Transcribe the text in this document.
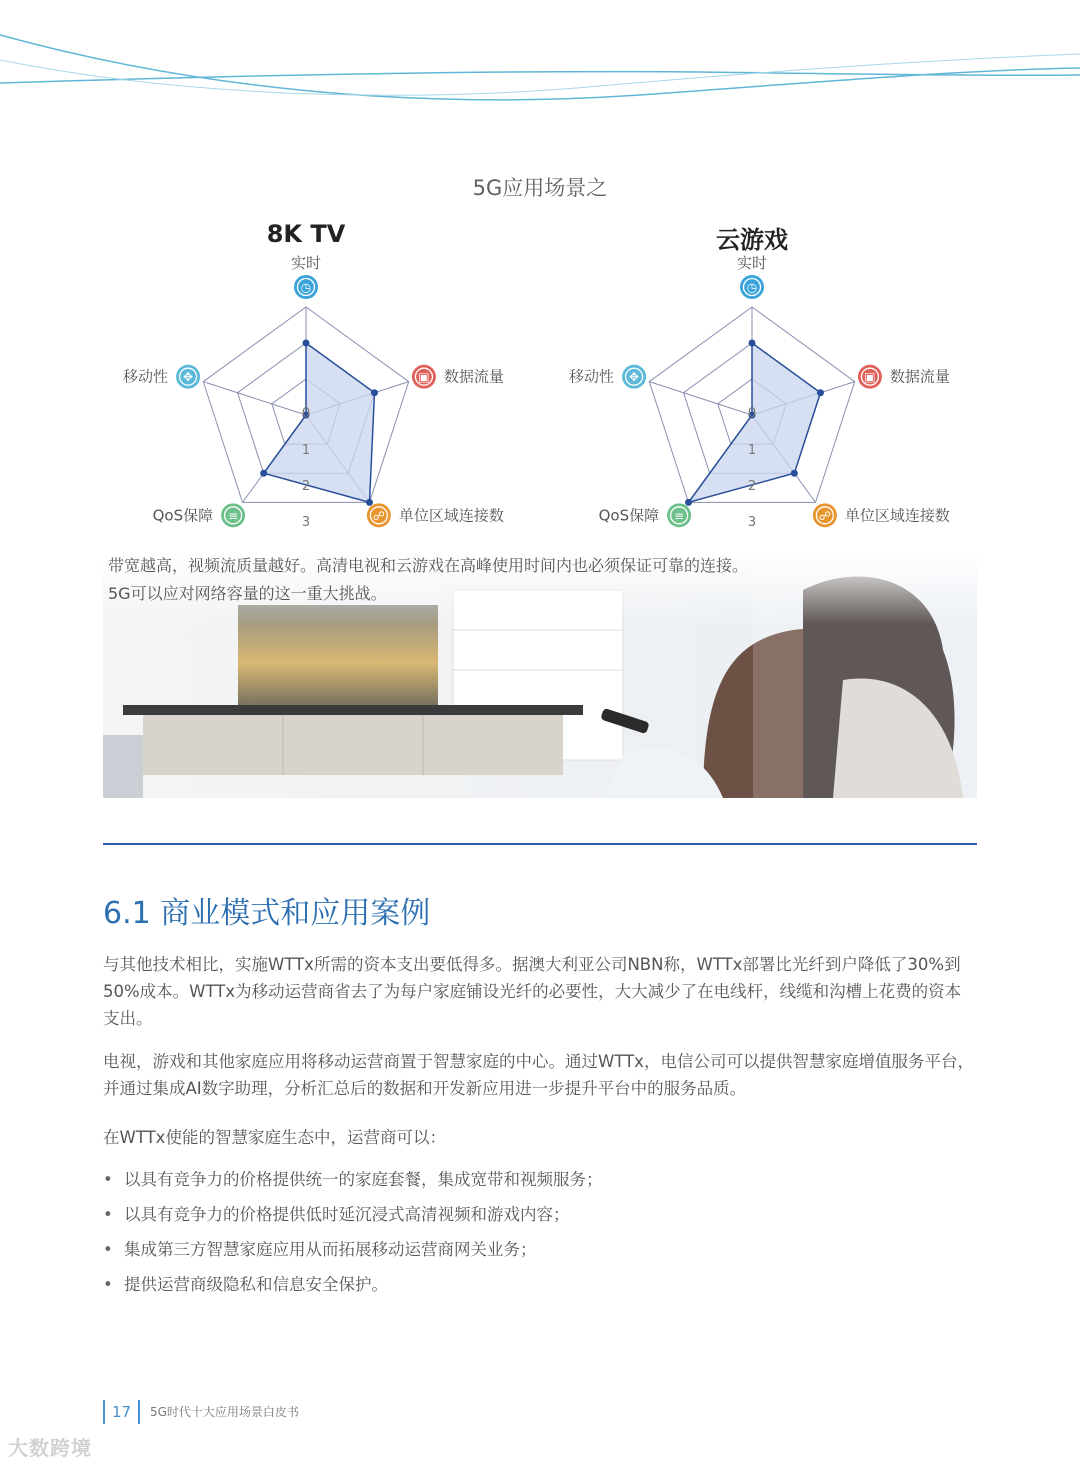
5G应用场景之
8K TV	云游戏
0
1
2
3
◷
实时
▣ 数据流量
☍ 单位区域连接数
≡
QoS保障
✥
移动性
0
1
2
3
◷
实时
▣ 数据流量
☍ 单位区域连接数
≡
QoS保障
✥
移动性
带宽越高，视频流质量越好。高清电视和云游戏在高峰使用时间内也必须保证可靠的连接。
5G可以应对网络容量的这一重大挑战。
6.1 商业模式和应用案例
与其他技术相比，实施WTTx所需的资本支出要低得多。据澳大利亚公司NBN称，WTTx部署比光纤到户降低了30%到50%成本。WTTx为移动运营商省去了为每户家庭铺设光纤的必要性，大大减少了在电线杆，线缆和沟槽上花费的资本支出。
电视，游戏和其他家庭应用将移动运营商置于智慧家庭的中心。通过WTTx，电信公司可以提供智慧家庭增值服务平台，并通过集成AI数字助理，分析汇总后的数据和开发新应用进一步提升平台中的服务品质。
在WTTx使能的智慧家庭生态中，运营商可以：
• 以具有竞争力的价格提供统一的家庭套餐，集成宽带和视频服务；
• 以具有竞争力的价格提供低时延沉浸式高清视频和游戏内容；
• 集成第三方智慧家庭应用从而拓展移动运营商网关业务；
• 提供运营商级隐私和信息安全保护。
17	5G时代十大应用场景白皮书
大数跨境
